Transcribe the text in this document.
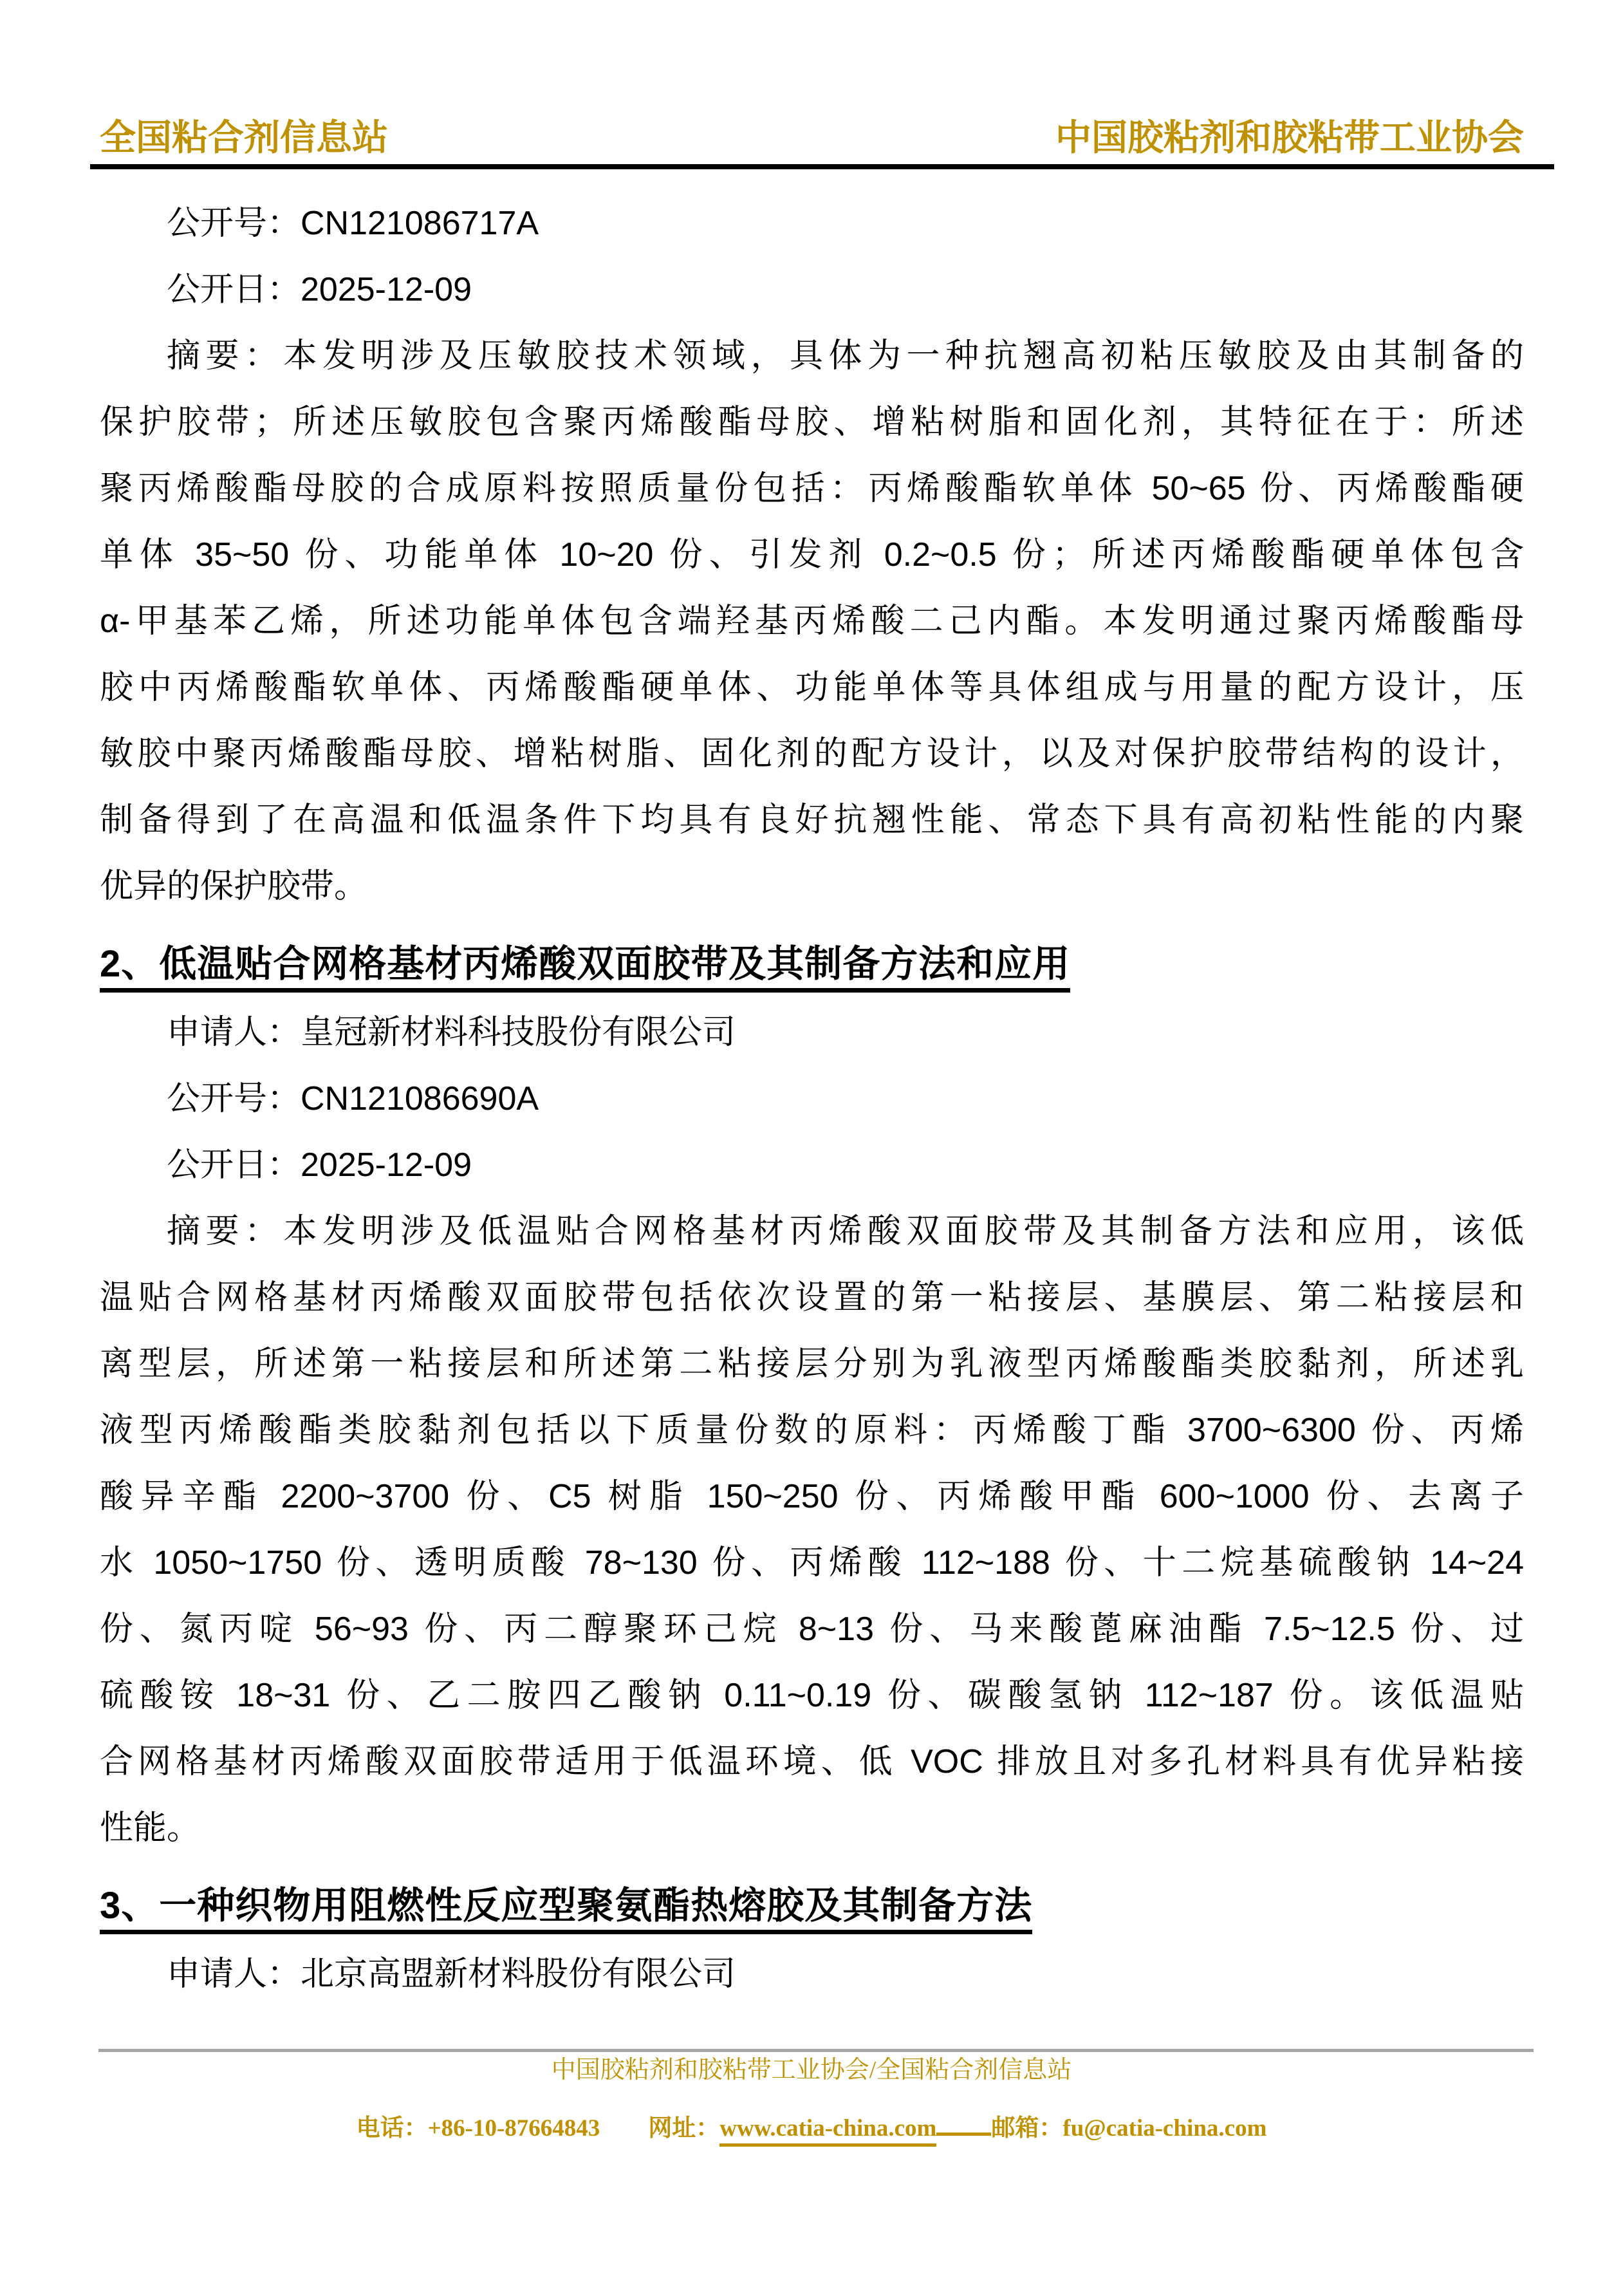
全国粘合剂信息站	中国胶粘剂和胶粘带工业协会
公开号：CN121086717A
公开日：2025-12-09
摘要：本发明涉及压敏胶技术领域，具体为一种抗翘高初粘压敏胶及由其制备的
保护胶带；所述压敏胶包含聚丙烯酸酯母胶、增粘树脂和固化剂，其特征在于：所述
聚丙烯酸酯母胶的合成原料按照质量份包括：丙烯酸酯软单体 50~65 份、丙烯酸酯硬
单体 35~50 份、功能单体 10~20 份、引发剂 0.2~0.5 份；所述丙烯酸酯硬单体包含
α-甲基苯乙烯，所述功能单体包含端羟基丙烯酸二己内酯。本发明通过聚丙烯酸酯母
胶中丙烯酸酯软单体、丙烯酸酯硬单体、功能单体等具体组成与用量的配方设计，压
敏胶中聚丙烯酸酯母胶、增粘树脂、固化剂的配方设计，以及对保护胶带结构的设计，
制备得到了在高温和低温条件下均具有良好抗翘性能、常态下具有高初粘性能的内聚
优异的保护胶带。
2、低温贴合网格基材丙烯酸双面胶带及其制备方法和应用
申请人：皇冠新材料科技股份有限公司
公开号：CN121086690A
公开日：2025-12-09
摘要：本发明涉及低温贴合网格基材丙烯酸双面胶带及其制备方法和应用，该低
温贴合网格基材丙烯酸双面胶带包括依次设置的第一粘接层、基膜层、第二粘接层和
离型层，所述第一粘接层和所述第二粘接层分别为乳液型丙烯酸酯类胶黏剂，所述乳
液型丙烯酸酯类胶黏剂包括以下质量份数的原料：丙烯酸丁酯 3700~6300 份、丙烯
酸异辛酯 2200~3700 份、C5 树脂 150~250 份、丙烯酸甲酯 600~1000 份、去离子
水 1050~1750 份、透明质酸 78~130 份、丙烯酸 112~188 份、十二烷基硫酸钠 14~24
份、氮丙啶 56~93 份、丙二醇聚环己烷 8~13 份、马来酸蓖麻油酯 7.5~12.5 份、过
硫酸铵 18~31 份、乙二胺四乙酸钠 0.11~0.19 份、碳酸氢钠 112~187 份。该低温贴
合网格基材丙烯酸双面胶带适用于低温环境、低 VOC 排放且对多孔材料具有优异粘接
性能。
3、一种织物用阻燃性反应型聚氨酯热熔胶及其制备方法
申请人：北京高盟新材料股份有限公司
中国胶粘剂和胶粘带工业协会/全国粘合剂信息站
电话：+86-10-87664843 网址：www.catia-china.com 邮箱：fu@catia-china.com
